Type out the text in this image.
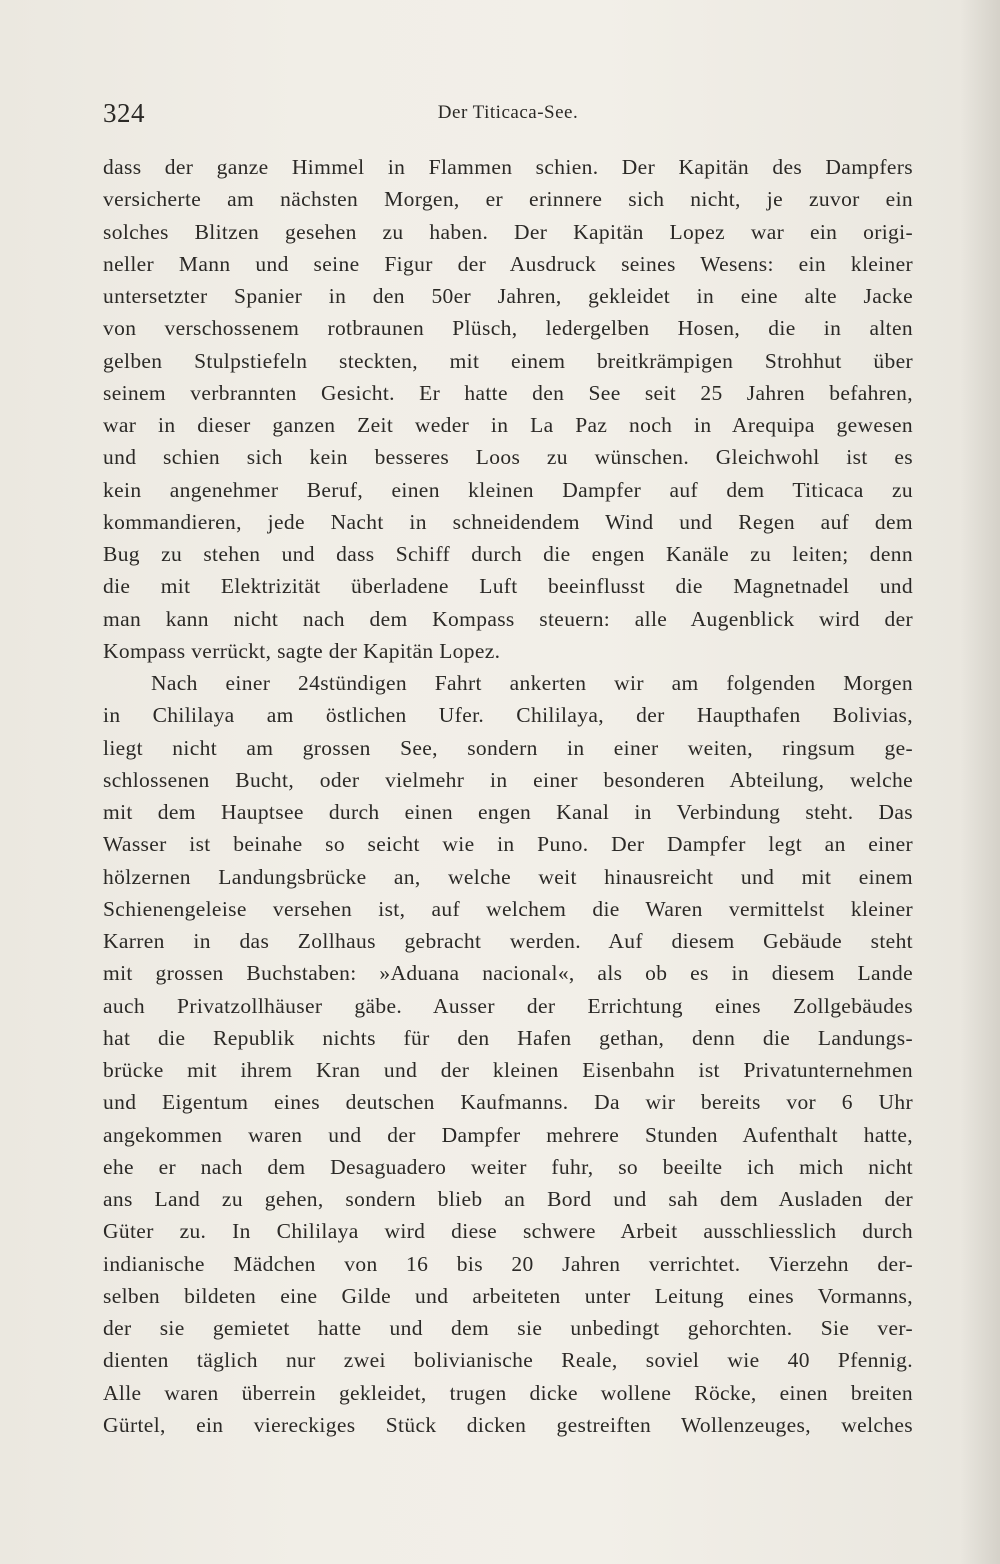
324	Der Titicaca-See.
dass der ganze Himmel in Flammen schien. Der Kapitän des Dampfers
versicherte am nächsten Morgen, er erinnere sich nicht, je zuvor ein
solches Blitzen gesehen zu haben. Der Kapitän Lopez war ein origi-
neller Mann und seine Figur der Ausdruck seines Wesens: ein kleiner
untersetzter Spanier in den 50er Jahren, gekleidet in eine alte Jacke
von verschossenem rotbraunen Plüsch, ledergelben Hosen, die in alten
gelben Stulpstiefeln steckten, mit einem breitkrämpigen Strohhut über
seinem verbrannten Gesicht. Er hatte den See seit 25 Jahren befahren,
war in dieser ganzen Zeit weder in La Paz noch in Arequipa gewesen
und schien sich kein besseres Loos zu wünschen. Gleichwohl ist es
kein angenehmer Beruf, einen kleinen Dampfer auf dem Titicaca zu
kommandieren, jede Nacht in schneidendem Wind und Regen auf dem
Bug zu stehen und dass Schiff durch die engen Kanäle zu leiten; denn
die mit Elektrizität überladene Luft beeinflusst die Magnetnadel und
man kann nicht nach dem Kompass steuern: alle Augenblick wird der
Kompass verrückt, sagte der Kapitän Lopez.
Nach einer 24stündigen Fahrt ankerten wir am folgenden Morgen
in Chililaya am östlichen Ufer. Chililaya, der Haupthafen Bolivias,
liegt nicht am grossen See, sondern in einer weiten, ringsum ge-
schlossenen Bucht, oder vielmehr in einer besonderen Abteilung, welche
mit dem Hauptsee durch einen engen Kanal in Verbindung steht. Das
Wasser ist beinahe so seicht wie in Puno. Der Dampfer legt an einer
hölzernen Landungsbrücke an, welche weit hinausreicht und mit einem
Schienengeleise versehen ist, auf welchem die Waren vermittelst kleiner
Karren in das Zollhaus gebracht werden. Auf diesem Gebäude steht
mit grossen Buchstaben: »Aduana nacional«, als ob es in diesem Lande
auch Privatzollhäuser gäbe. Ausser der Errichtung eines Zollgebäudes
hat die Republik nichts für den Hafen gethan, denn die Landungs-
brücke mit ihrem Kran und der kleinen Eisenbahn ist Privatunternehmen
und Eigentum eines deutschen Kaufmanns. Da wir bereits vor 6 Uhr
angekommen waren und der Dampfer mehrere Stunden Aufenthalt hatte,
ehe er nach dem Desaguadero weiter fuhr, so beeilte ich mich nicht
ans Land zu gehen, sondern blieb an Bord und sah dem Ausladen der
Güter zu. In Chililaya wird diese schwere Arbeit ausschliesslich durch
indianische Mädchen von 16 bis 20 Jahren verrichtet. Vierzehn der-
selben bildeten eine Gilde und arbeiteten unter Leitung eines Vormanns,
der sie gemietet hatte und dem sie unbedingt gehorchten. Sie ver-
dienten täglich nur zwei bolivianische Reale, soviel wie 40 Pfennig.
Alle waren überrein gekleidet, trugen dicke wollene Röcke, einen breiten
Gürtel, ein viereckiges Stück dicken gestreiften Wollenzeuges, welches
